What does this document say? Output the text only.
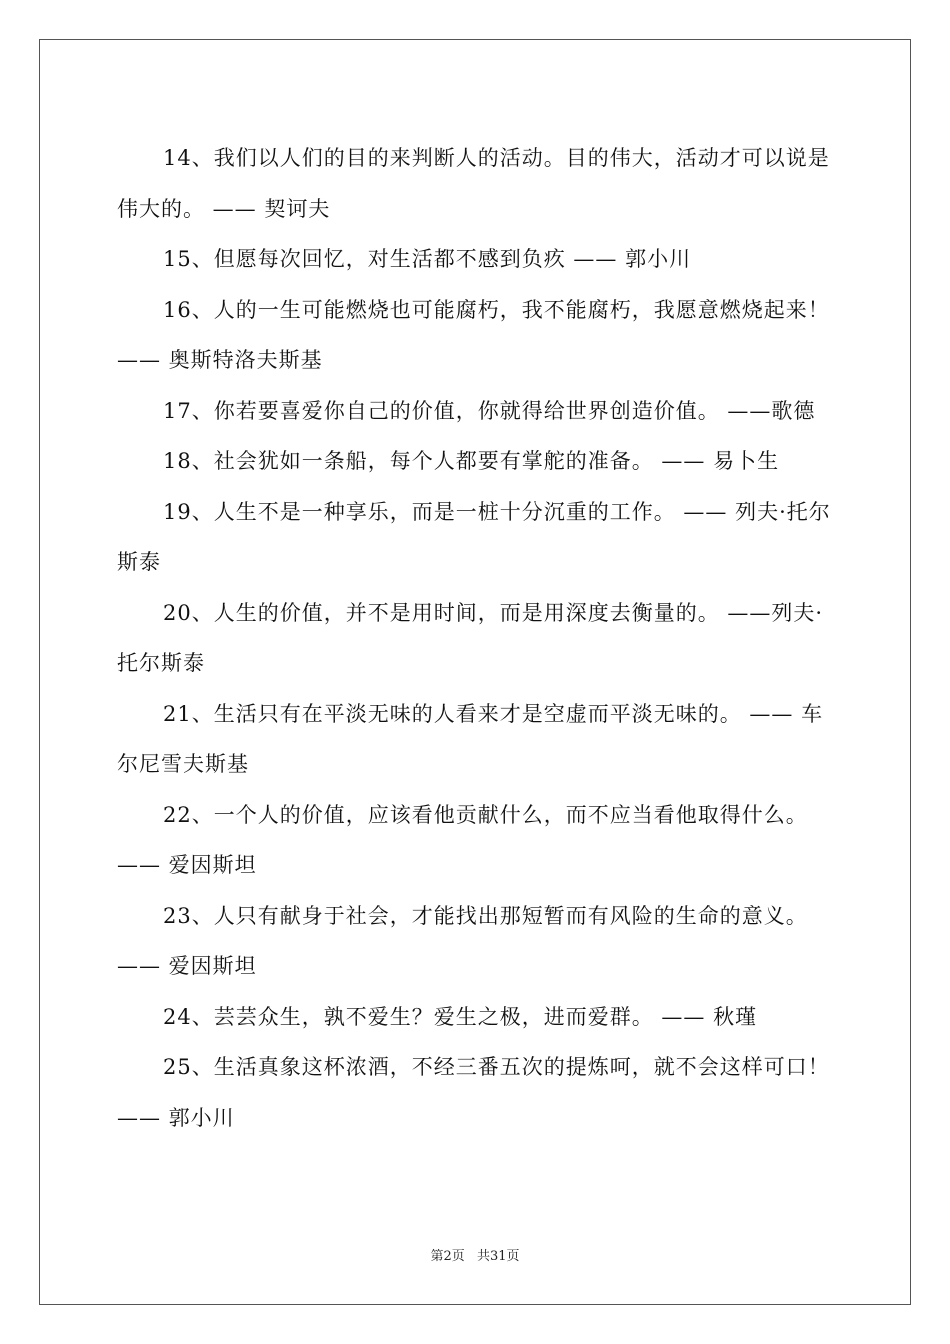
14、我们以人们的目的来判断人的活动。目的伟大，活动才可以说是伟大的。 —— 契诃夫

15、但愿每次回忆，对生活都不感到负疚 —— 郭小川

16、人的一生可能燃烧也可能腐朽，我不能腐朽，我愿意燃烧起来！ —— 奥斯特洛夫斯基

17、你若要喜爱你自己的价值，你就得给世界创造价值。 ——歌德

18、社会犹如一条船，每个人都要有掌舵的准备。 —— 易卜生

19、人生不是一种享乐，而是一桩十分沉重的工作。 —— 列夫·托尔斯泰

20、人生的价值，并不是用时间，而是用深度去衡量的。 ——列夫·托尔斯泰

21、生活只有在平淡无味的人看来才是空虚而平淡无味的。 —— 车尔尼雪夫斯基

22、一个人的价值，应该看他贡献什么，而不应当看他取得什么。 —— 爱因斯坦

23、人只有献身于社会，才能找出那短暂而有风险的生命的意义。 —— 爱因斯坦

24、芸芸众生，孰不爱生？爱生之极，进而爱群。 —— 秋瑾

25、生活真象这杯浓酒，不经三番五次的提炼呵，就不会这样可口！ —— 郭小川

第2页 共31页
